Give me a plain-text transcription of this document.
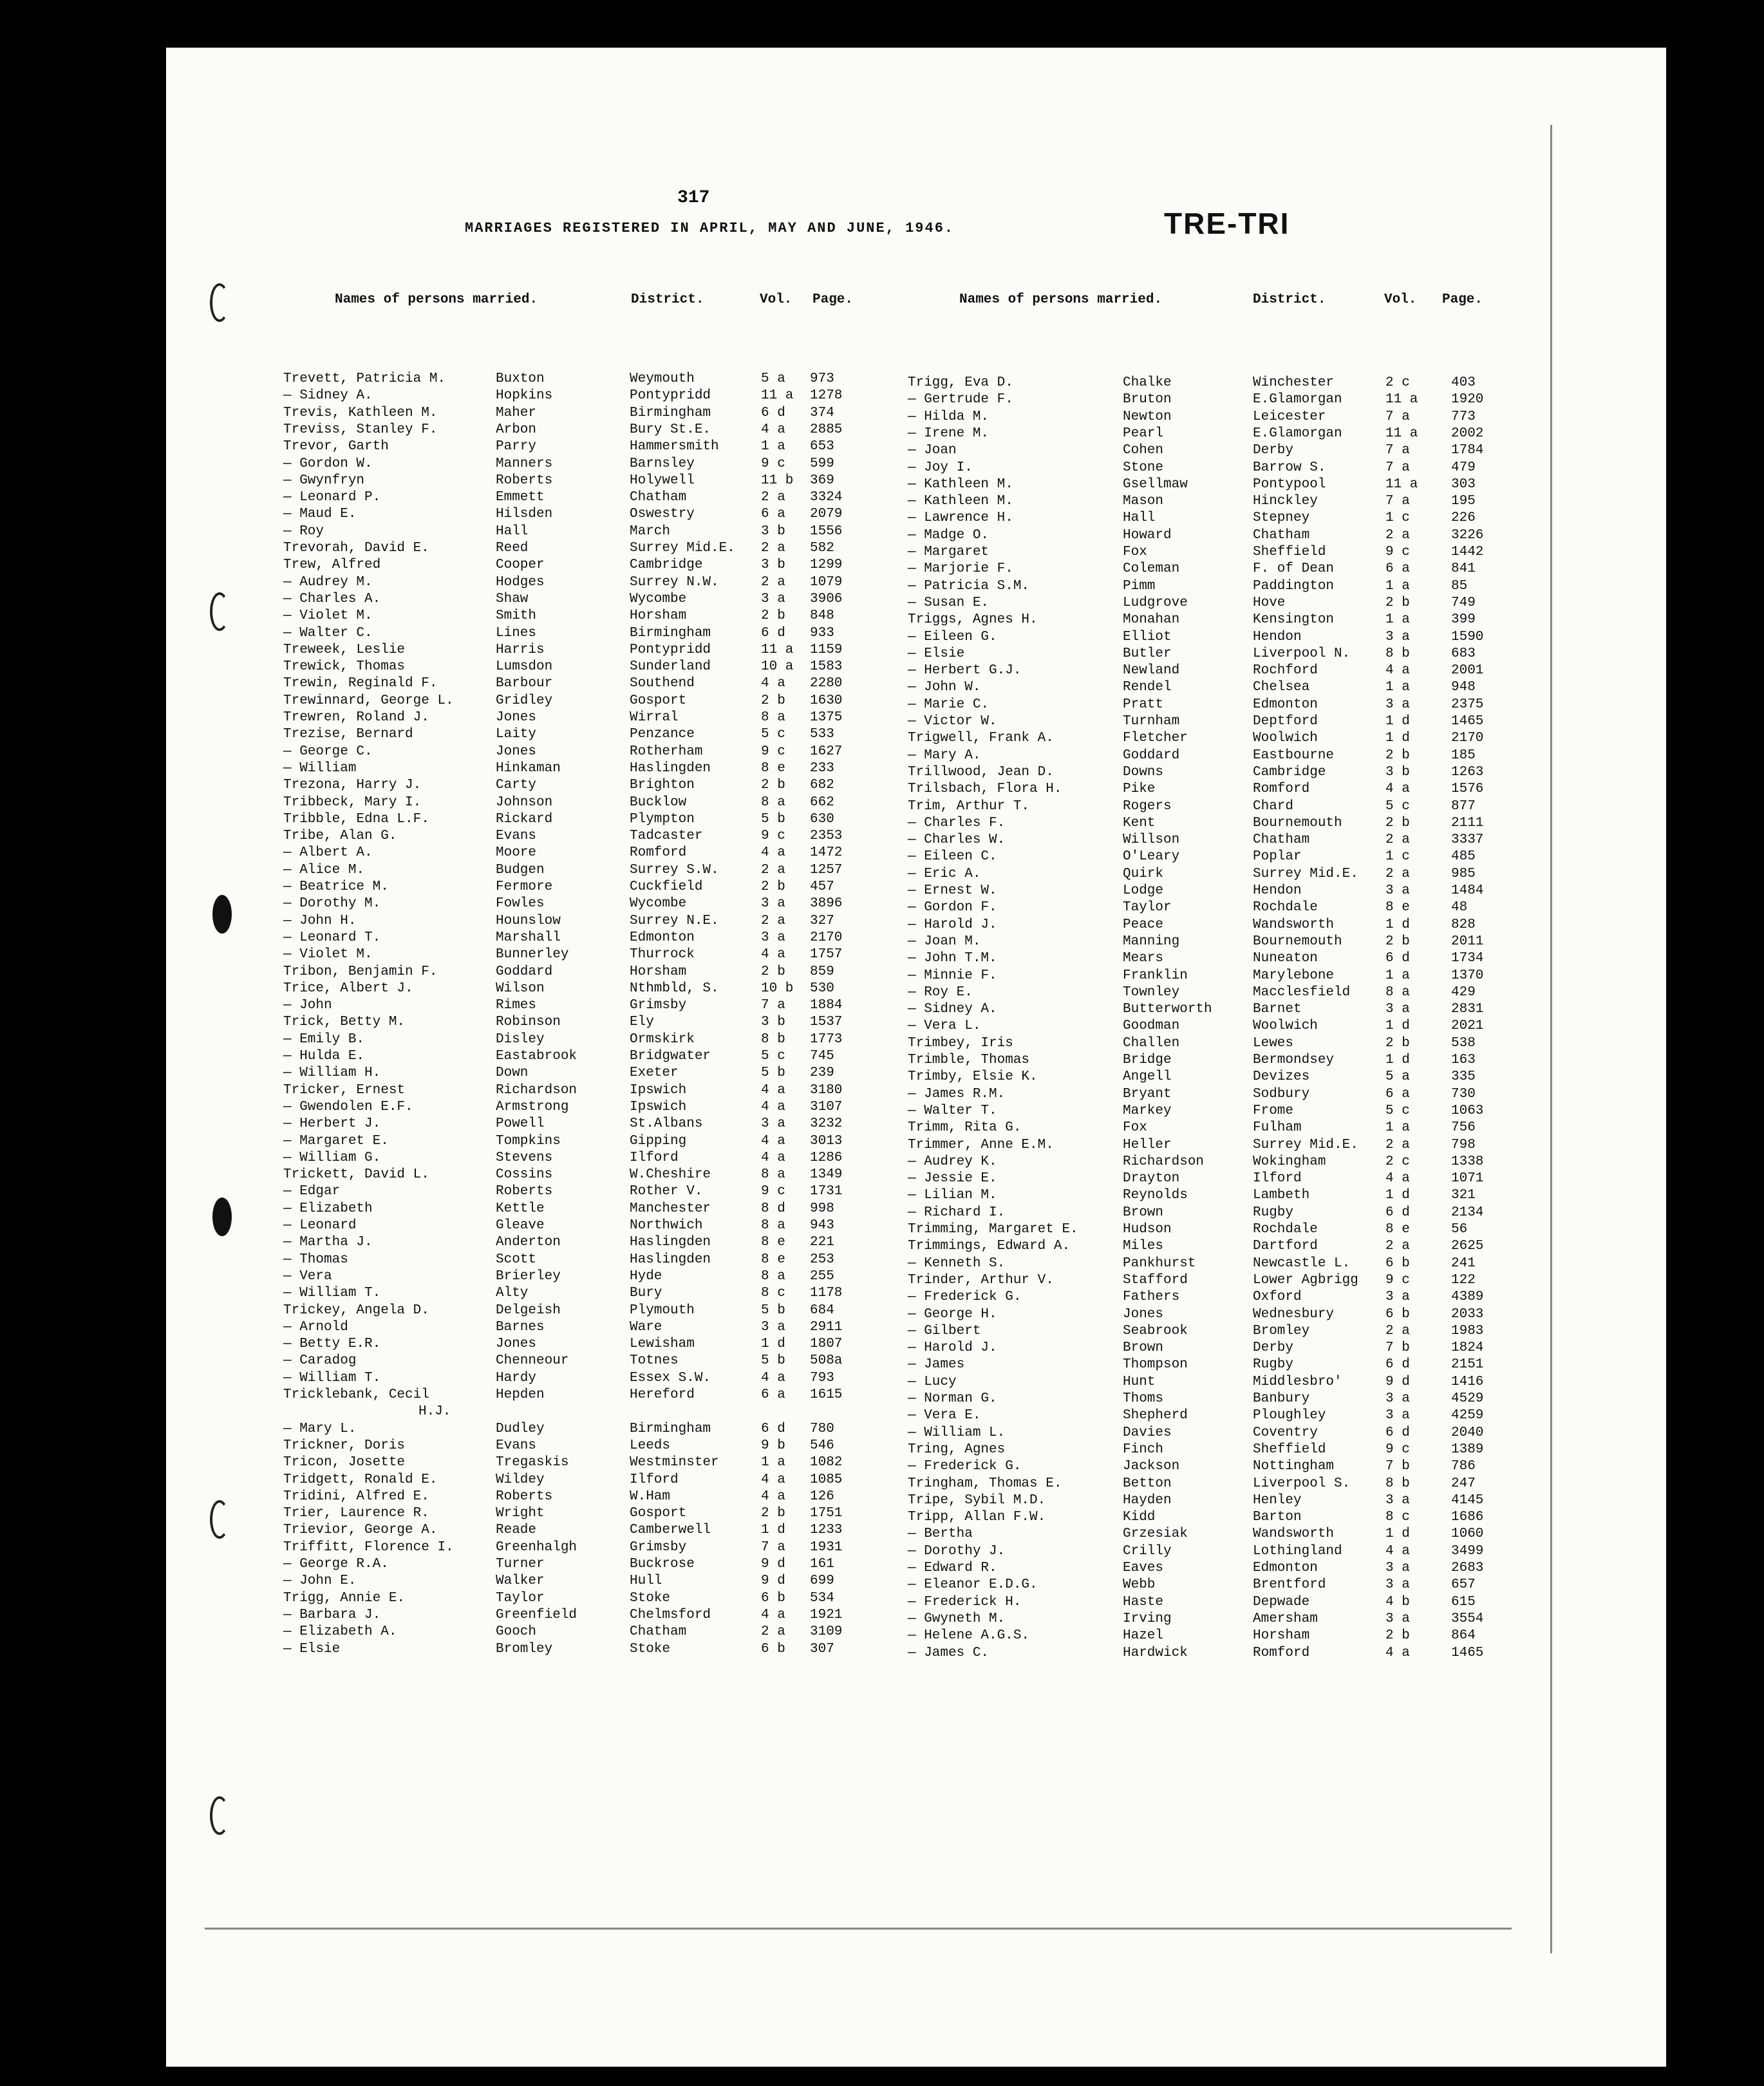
317
MARRIAGES REGISTERED IN APRIL, MAY AND JUNE, 1946.	TRE-TRI
Names of persons married.	District.	Vol. Page.	Names of persons married.	District.	Vol. Page.
Trevett, Patricia M.	Buxton	Weymouth	5 a 973
— Sidney A.	Hopkins	Pontypridd	11 a 1278
Trevis, Kathleen M.	Maher	Birmingham	6 d 374
Treviss, Stanley F.	Arbon	Bury St.E.	4 a 2885
Trevor, Garth	Parry	Hammersmith	1 a 653
— Gordon W.	Manners	Barnsley	9 c 599
— Gwynfryn	Roberts	Holywell	11 b 369
— Leonard P.	Emmett	Chatham	2 a 3324
— Maud E.	Hilsden	Oswestry	6 a 2079
— Roy	Hall	March	3 b 1556
Trevorah, David E.	Reed	Surrey Mid.E. 2 a 582
Trew, Alfred	Cooper	Cambridge	3 b 1299
— Audrey M.	Hodges	Surrey N.W.	2 a 1079
— Charles A.	Shaw	Wycombe	3 a 3906
— Violet M.	Smith	Horsham	2 b 848
— Walter C.	Lines	Birmingham	6 d 933
Treweek, Leslie	Harris	Pontypridd	11 a 1159
Trewick, Thomas	Lumsdon	Sunderland	10 a 1583
Trewin, Reginald F.	Barbour	Southend	4 a 2280
Trewinnard, George L.	Gridley	Gosport	2 b 1630
Trewren, Roland J.	Jones	Wirral	8 a 1375
Trezise, Bernard	Laity	Penzance	5 c 533
— George C.	Jones	Rotherham	9 c 1627
— William	Hinkaman	Haslingden	8 e 233
Trezona, Harry J.	Carty	Brighton	2 b 682
Tribbeck, Mary I.	Johnson	Bucklow	8 a 662
Tribble, Edna L.F.	Rickard	Plympton	5 b 630
Tribe, Alan G.	Evans	Tadcaster	9 c 2353
— Albert A.	Moore	Romford	4 a 1472
— Alice M.	Budgen	Surrey S.W.	2 a 1257
— Beatrice M.	Fermore	Cuckfield	2 b 457
— Dorothy M.	Fowles	Wycombe	3 a 3896
— John H.	Hounslow	Surrey N.E.	2 a 327
— Leonard T.	Marshall	Edmonton	3 a 2170
— Violet M.	Bunnerley	Thurrock	4 a 1757
Tribon, Benjamin F.	Goddard	Horsham	2 b 859
Trice, Albert J.	Wilson	Nthmbld, S.	10 b 530
— John	Rimes	Grimsby	7 a 1884
Trick, Betty M.	Robinson	Ely	3 b 1537
— Emily B.	Disley	Ormskirk	8 b 1773
— Hulda E.	Eastabrook	Bridgwater	5 c 745
— William H.	Down	Exeter	5 b 239
Tricker, Ernest	Richardson	Ipswich	4 a 3180
— Gwendolen E.F.	Armstrong	Ipswich	4 a 3107
— Herbert J.	Powell	St.Albans	3 a 3232
— Margaret E.	Tompkins	Gipping	4 a 3013
— William G.	Stevens	Ilford	4 a 1286
Trickett, David L.	Cossins	W.Cheshire	8 a 1349
— Edgar	Roberts	Rother V.	9 c 1731
— Elizabeth	Kettle	Manchester	8 d 998
— Leonard	Gleave	Northwich	8 a 943
— Martha J.	Anderton	Haslingden	8 e 221
— Thomas	Scott	Haslingden	8 e 253
— Vera	Brierley	Hyde	8 a 255
— William T.	Alty	Bury	8 c 1178
Trickey, Angela D.	Delgeish	Plymouth	5 b 684
— Arnold	Barnes	Ware	3 a 2911
— Betty E.R.	Jones	Lewisham	1 d 1807
— Caradog	Chenneour	Totnes	5 b 508a
— William T.	Hardy	Essex S.W.	4 a 793
Tricklebank, Cecil	Hepden	Hereford	6 a 1615
H.J.
— Mary L.	Dudley	Birmingham	6 d 780
Trickner, Doris	Evans	Leeds	9 b 546
Tricon, Josette	Tregaskis	Westminster	1 a 1082
Tridgett, Ronald E.	Wildey	Ilford	4 a 1085
Tridini, Alfred E.	Roberts	W.Ham	4 a 126
Trier, Laurence R.	Wright	Gosport	2 b 1751
Trievior, George A.	Reade	Camberwell	1 d 1233
Triffitt, Florence I.	Greenhalgh	Grimsby	7 a 1931
— George R.A.	Turner	Buckrose	9 d 161
— John E.	Walker	Hull	9 d 699
Trigg, Annie E.	Taylor	Stoke	6 b 534
— Barbara J.	Greenfield	Chelmsford	4 a 1921
— Elizabeth A.	Gooch	Chatham	2 a 3109
— Elsie	Bromley	Stoke	6 b 307
Trigg, Eva D.	Chalke	Winchester	2 c	403
— Gertrude F.	Bruton	E.Glamorgan	11 a 1920
— Hilda M.	Newton	Leicester	7 a	773
— Irene M.	Pearl	E.Glamorgan	11 a 2002
— Joan	Cohen	Derby	7 a	1784
— Joy I.	Stone	Barrow S.	7 a	479
— Kathleen M.	Gsellmaw	Pontypool	11 a 303
— Kathleen M.	Mason	Hinckley	7 a	195
— Lawrence H.	Hall	Stepney	1 c	226
— Madge O.	Howard	Chatham	2 a	3226
— Margaret	Fox	Sheffield	9 c	1442
— Marjorie F.	Coleman	F. of Dean	6 a	841
— Patricia S.M.	Pimm	Paddington	1 a	85
— Susan E.	Ludgrove	Hove	2 b	749
Triggs, Agnes H.	Monahan	Kensington	1 a	399
— Eileen G.	Elliot	Hendon	3 a	1590
— Elsie	Butler	Liverpool N.	8 b	683
— Herbert G.J.	Newland	Rochford	4 a	2001
— John W.	Rendel	Chelsea	1 a	948
— Marie C.	Pratt	Edmonton	3 a	2375
— Victor W.	Turnham	Deptford	1 d	1465
Trigwell, Frank A.	Fletcher	Woolwich	1 d	2170
— Mary A.	Goddard	Eastbourne	2 b	185
Trillwood, Jean D.	Downs	Cambridge	3 b	1263
Trilsbach, Flora H.	Pike	Romford	4 a	1576
Trim, Arthur T.	Rogers	Chard	5 c	877
— Charles F.	Kent	Bournemouth	2 b	2111
— Charles W.	Willson	Chatham	2 a	3337
— Eileen C.	O'Leary	Poplar	1 c	485
— Eric A.	Quirk	Surrey Mid.E. 2 a	985
— Ernest W.	Lodge	Hendon	3 a	1484
— Gordon F.	Taylor	Rochdale	8 e	48
— Harold J.	Peace	Wandsworth	1 d	828
— Joan M.	Manning	Bournemouth	2 b	2011
— John T.M.	Mears	Nuneaton	6 d	1734
— Minnie F.	Franklin	Marylebone	1 a	1370
— Roy E.	Townley	Macclesfield	8 a	429
— Sidney A.	Butterworth	Barnet	3 a	2831
— Vera L.	Goodman	Woolwich	1 d	2021
Trimbey, Iris	Challen	Lewes	2 b	538
Trimble, Thomas	Bridge	Bermondsey	1 d	163
Trimby, Elsie K.	Angell	Devizes	5 a	335
— James R.M.	Bryant	Sodbury	6 a	730
— Walter T.	Markey	Frome	5 c	1063
Trimm, Rita G.	Fox	Fulham	1 a	756
Trimmer, Anne E.M.	Heller	Surrey Mid.E. 2 a	798
— Audrey K.	Richardson	Wokingham	2 c	1338
— Jessie E.	Drayton	Ilford	4 a	1071
— Lilian M.	Reynolds	Lambeth	1 d	321
— Richard I.	Brown	Rugby	6 d	2134
Trimming, Margaret E.	Hudson	Rochdale	8 e	56
Trimmings, Edward A.	Miles	Dartford	2 a	2625
— Kenneth S.	Pankhurst	Newcastle L.	6 b	241
Trinder, Arthur V.	Stafford	Lower Agbrigg 9 c	122
— Frederick G.	Fathers	Oxford	3 a	4389
— George H.	Jones	Wednesbury	6 b	2033
— Gilbert	Seabrook	Bromley	2 a	1983
— Harold J.	Brown	Derby	7 b	1824
— James	Thompson	Rugby	6 d	2151
— Lucy	Hunt	Middlesbro'	9 d	1416
— Norman G.	Thoms	Banbury	3 a	4529
— Vera E.	Shepherd	Ploughley	3 a	4259
— William L.	Davies	Coventry	6 d	2040
Tring, Agnes	Finch	Sheffield	9 c	1389
— Frederick G.	Jackson	Nottingham	7 b	786
Tringham, Thomas E.	Betton	Liverpool S.	8 b	247
Tripe, Sybil M.D.	Hayden	Henley	3 a	4145
Tripp, Allan F.W.	Kidd	Barton	8 c	1686
— Bertha	Grzesiak	Wandsworth	1 d	1060
— Dorothy J.	Crilly	Lothingland	4 a	3499
— Edward R.	Eaves	Edmonton	3 a	2683
— Eleanor E.D.G.	Webb	Brentford	3 a	657
— Frederick H.	Haste	Depwade	4 b	615
— Gwyneth M.	Irving	Amersham	3 a	3554
— Helene A.G.S.	Hazel	Horsham	2 b	864
— James C.	Hardwick	Romford	4 a	1465
